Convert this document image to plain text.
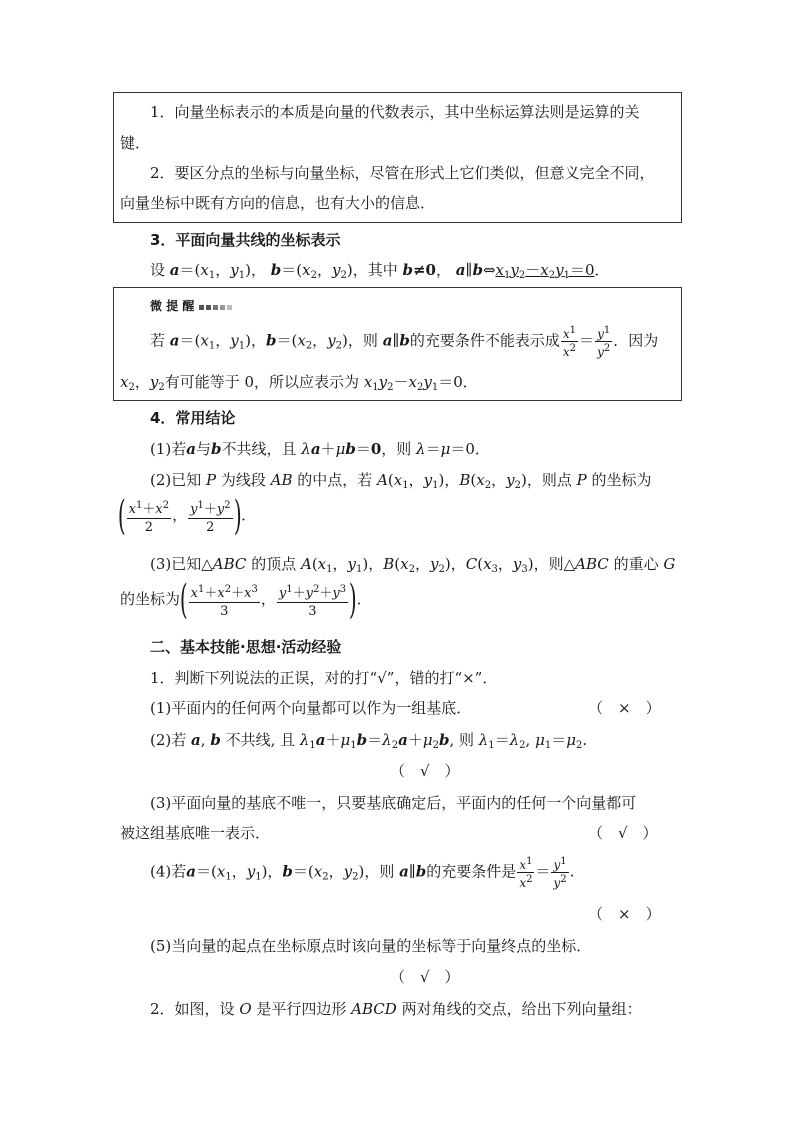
1．向量坐标表示的本质是向量的代数表示，其中坐标运算法则是运算的关
键．
2．要区分点的坐标与向量坐标，尽管在形式上它们类似，但意义完全不同，
向量坐标中既有方向的信息，也有大小的信息．
3．平面向量共线的坐标表示
设 $a=(x_1$，$y_1$)， $b=(x_2$，$y_2$)，其中 b≠0， $a\parallel b\Leftrightarrow x_1y_2-x_2y_1=0$．
微 提 醒
若 $a=(x_1$，$y_1$)，$b=(x_2$，$y_2$)，则 a∥b的充要条件不能表示成 $\frac{x^1}{x^2} = \frac{y^1}{y^2}$ ．因为
$x_2$，$y_2$有可能等于 0，所以应表示为 $x_1y_2-x_2y_1=0$．
4．常用结论
(1)若a与b不共线，且 λa＋μb＝0，则 λ＝μ＝0．
(2)已知 P 为线段 AB 的中点，若 $A(x_1$，$y_1$)，$B(x_2$，$y_2$)，则点 P 的坐标为
( $\frac{x^1+x^2}{2}$ ， $\frac{y^1+y^2}{2}$ )．
(3)已知△ABC 的顶点 $A(x_1$，$y_1$)，$B(x_2$，$y_2$)，$C(x_3$，$y_3$)，则△ABC 的重心 G
的坐标为( $\frac{x^1+x^2+x^3}{3}$ ， $\frac{y^1+y^2+y^3}{3}$ )．
二、基本技能·思想·活动经验
1．判断下列说法的正误，对的打“√”，错的打“×”．
(1)平面内的任何两个向量都可以作为一组基底．	（　×　）
(2)若 a, b 不共线, 且 $\lambda_1a+\mu_1b=\lambda_2a+\mu_2b$, 则 $\lambda_1=\lambda_2$, $\mu_1=\mu_2$.
（　√　）
(3)平面向量的基底不唯一，只要基底确定后，平面内的任何一个向量都可
被这组基底唯一表示．	（　√　）
(4)若$a=(x_1$，$y_1$)，$b=(x_2$，$y_2$)，则 a∥b的充要条件是 $\frac{x^1}{x^2} = \frac{y^1}{y^2}$ .
（　×　）
(5)当向量的起点在坐标原点时该向量的坐标等于向量终点的坐标．
（　√　）
2．如图，设 O 是平行四边形 ABCD 两对角线的交点，给出下列向量组：
